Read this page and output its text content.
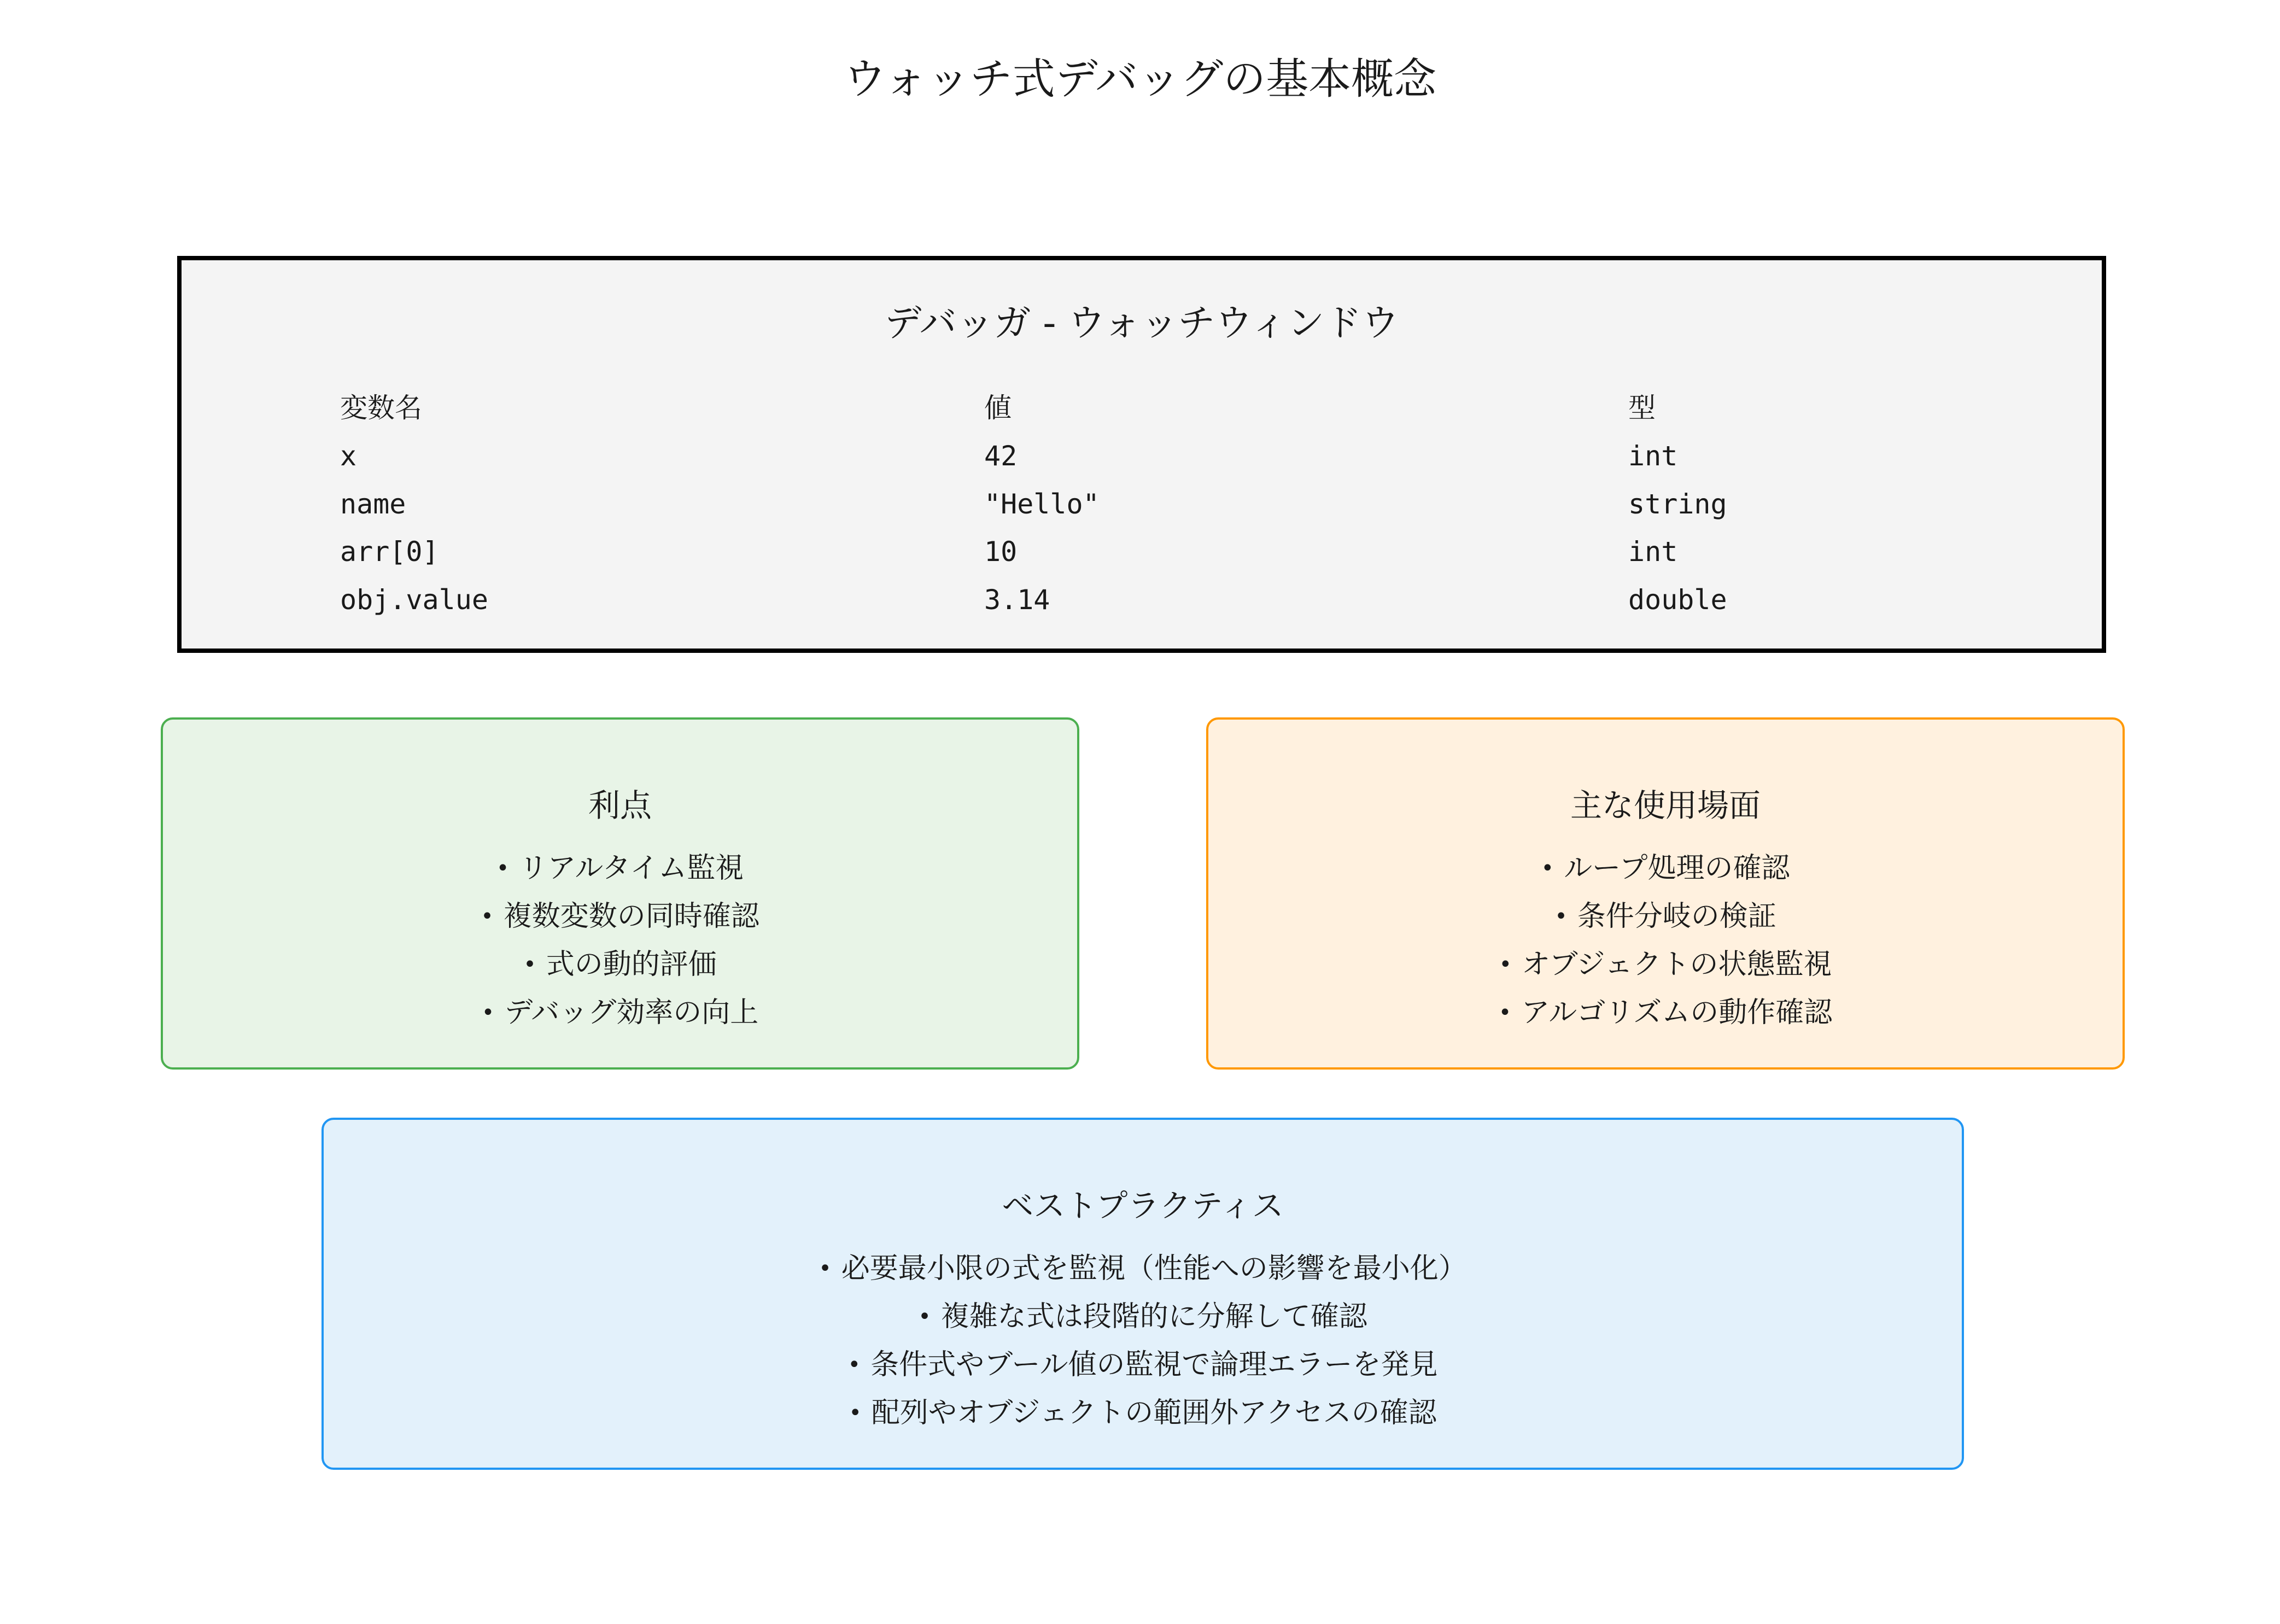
ウォッチ式デバッグの基本概念
デバッガ - ウォッチウィンドウ
変数名	値	型
x	42	int
name	"Hello"	string
arr[0]	10	int
obj.value	3.14	double
利点
• リアルタイム監視
• 複数変数の同時確認
• 式の動的評価
• デバッグ効率の向上
主な使用場面
• ループ処理の確認
• 条件分岐の検証
• オブジェクトの状態監視
• アルゴリズムの動作確認
ベストプラクティス
• 必要最小限の式を監視（性能への影響を最小化）
• 複雑な式は段階的に分解して確認
• 条件式やブール値の監視で論理エラーを発見
• 配列やオブジェクトの範囲外アクセスの確認
